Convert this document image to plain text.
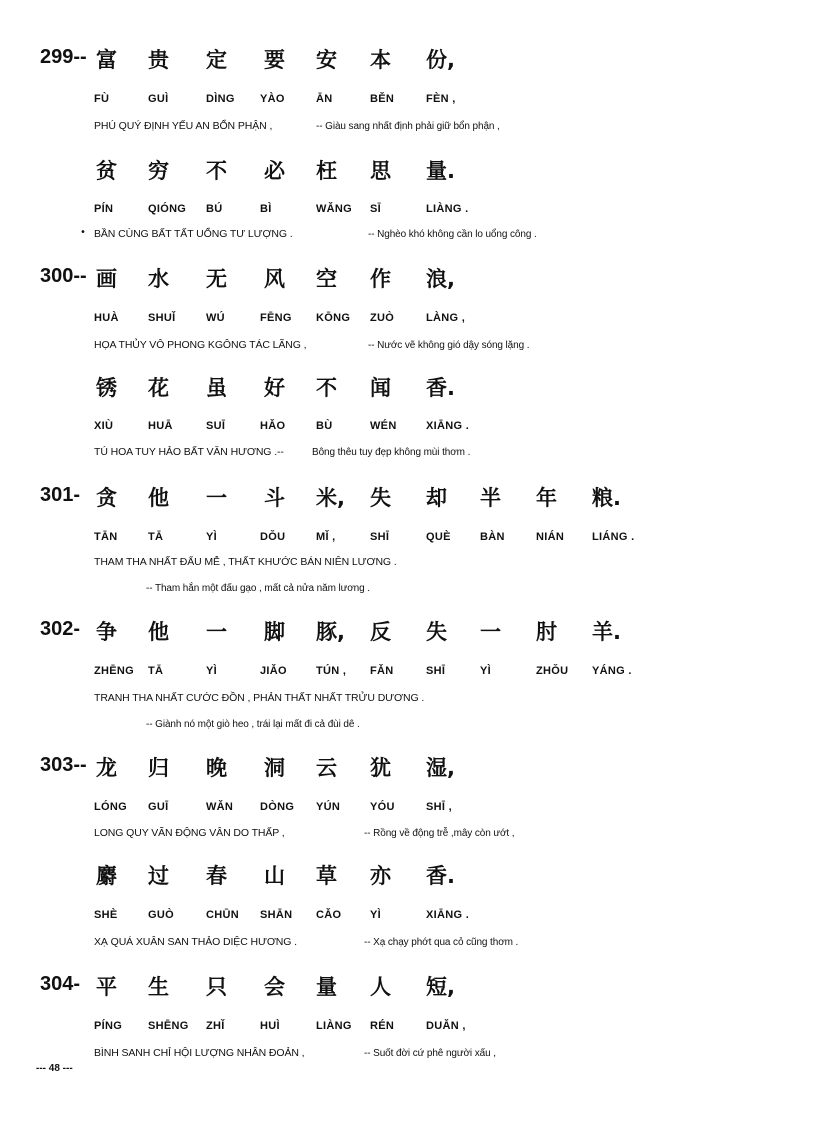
299-- 富 贵 定 要 安 本 份,
FÙ	GUÌ	DÌNG YÀO	ĀN	BĚN	FÈN ,
PHÚ QUÝ ĐỊNH YẾU AN BỔN PHẬN ,	-- Giàu sang nhất định phải giữ bổn phận ,
贫 穷 不 必 枉 思 量.
PÍN	QIÓNG BÚ	BÌ	WǍNG SĪ	LIÀNG .
BẦN CÙNG BẤT TẤT UỔNG TƯ LƯỢNG .
•	-- Nghèo khó không cần lo uổng công .
300-- 画 水 无 风 空 作 浪,
HUÀ	SHUǏ	WÚ	FĒNG KŌNG ZUÒ	LÀNG ,
HỌA THỦY VÔ PHONG KGÔNG TÁC LÃNG ,	-- Nước vẽ không gió dậy sóng lặng .
锈 花 虽 好 不 闻 香.
XIÙ	HUĀ	SUĪ	HǍO	BÙ	WÉN	XIĀNG .
TÚ HOA TUY HẢO BẤT VĂN HƯƠNG .--	Bông thêu tuy đẹp không mùi thơm .
301- 贪 他 一 斗 米, 失 却 半 年 粮.
TĀN	TĀ	YÌ	DǑU	MǏ ,	SHĪ	QUÈ	BÀN	NIÁN	LIÁNG .
THAM THA NHẤT ĐẨU MỄ , THẤT KHƯỚC BÁN NIÊN LƯƠNG .
-- Tham hắn một đấu gạo , mất cả nửa năm lương .
302- 争 他 一 脚 豚, 反 失 一 肘 羊.
ZHĒNG TĀ	YÌ	JIǍO	TÚN , FǍN	SHĪ	YÌ	ZHǑU YÁNG .
TRANH THA NHẤT CƯỚC ĐỒN , PHẢN THẤT NHẤT TRỬU DƯƠNG .
-- Giành nó một giò heo , trái lại mất đi cả đùi dê .
303-- 龙 归 晚 洞 云 犹 湿,
LÓNG GUĪ	WǍN DÒNG YÚN	YÓU	SHĪ ,
LONG QUY VÃN ĐỘNG VÂN DO THẤP ,	-- Rồng về động trễ ,mây còn ướt ,
麝 过 春 山 草 亦 香.
SHÈ	GUÒ	CHŪN SHĀN CǍO	YÌ	XIĀNG .
XẠ QUÁ XUÂN SAN THẢO DIỆC HƯƠNG .	-- Xạ chạy phớt qua cỏ cũng thơm .
304- 平 生 只 会 量 人 短,
PÍNG SHĒNG ZHǏ	HUÌ	LIÀNG RÉN	DUǍN ,
BÌNH SANH CHỈ HỘI LƯỢNG NHÂN ĐOẢN ,	-- Suốt đời cứ phê người xấu ,
--- 48 ---
